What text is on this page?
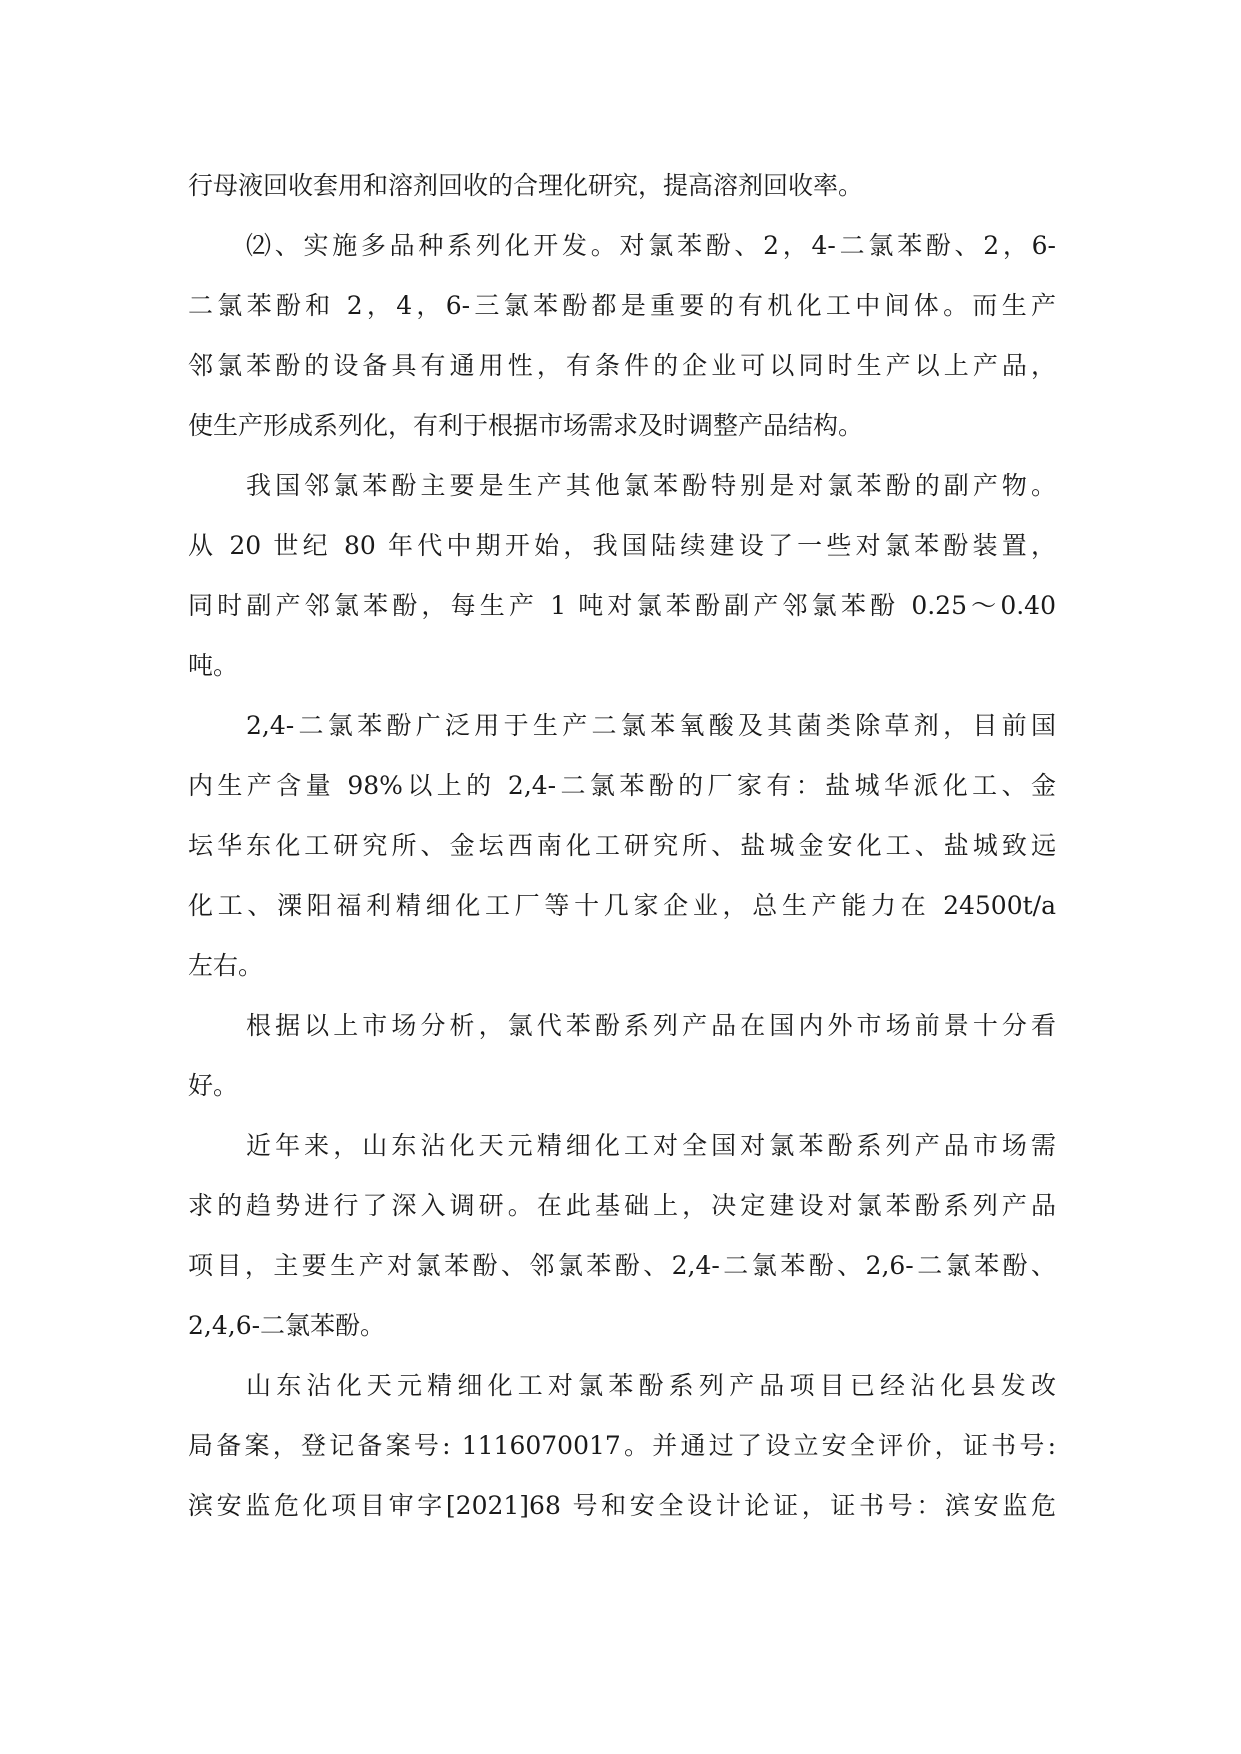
行母液回收套用和溶剂回收的合理化研究，提高溶剂回收率。
⑵、实施多品种系列化开发。对氯苯酚、2，4-二氯苯酚、2，6-
二氯苯酚和 2，4，6-三氯苯酚都是重要的有机化工中间体。而生产
邻氯苯酚的设备具有通用性，有条件的企业可以同时生产以上产品，
使生产形成系列化，有利于根据市场需求及时调整产品结构。
我国邻氯苯酚主要是生产其他氯苯酚特别是对氯苯酚的副产物。
从 20 世纪 80 年代中期开始，我国陆续建设了一些对氯苯酚装置，
同时副产邻氯苯酚，每生产 1 吨对氯苯酚副产邻氯苯酚 0.25～0.40
吨。
2,4-二氯苯酚广泛用于生产二氯苯氧酸及其菌类除草剂，目前国
内生产含量 98%以上的 2,4-二氯苯酚的厂家有：盐城华派化工、金
坛华东化工研究所、金坛西南化工研究所、盐城金安化工、盐城致远
化工、溧阳福利精细化工厂等十几家企业，总生产能力在 24500t/a
左右。
根据以上市场分析，氯代苯酚系列产品在国内外市场前景十分看
好。
近年来，山东沾化天元精细化工对全国对氯苯酚系列产品市场需
求的趋势进行了深入调研。在此基础上，决定建设对氯苯酚系列产品
项目，主要生产对氯苯酚、邻氯苯酚、2,4-二氯苯酚、2,6-二氯苯酚、
2,4,6-二氯苯酚。
山东沾化天元精细化工对氯苯酚系列产品项目已经沾化县发改
局备案，登记备案号: 1116070017。并通过了设立安全评价，证书号:
滨安监危化项目审字[2021]68 号和安全设计论证，证书号：滨安监危
